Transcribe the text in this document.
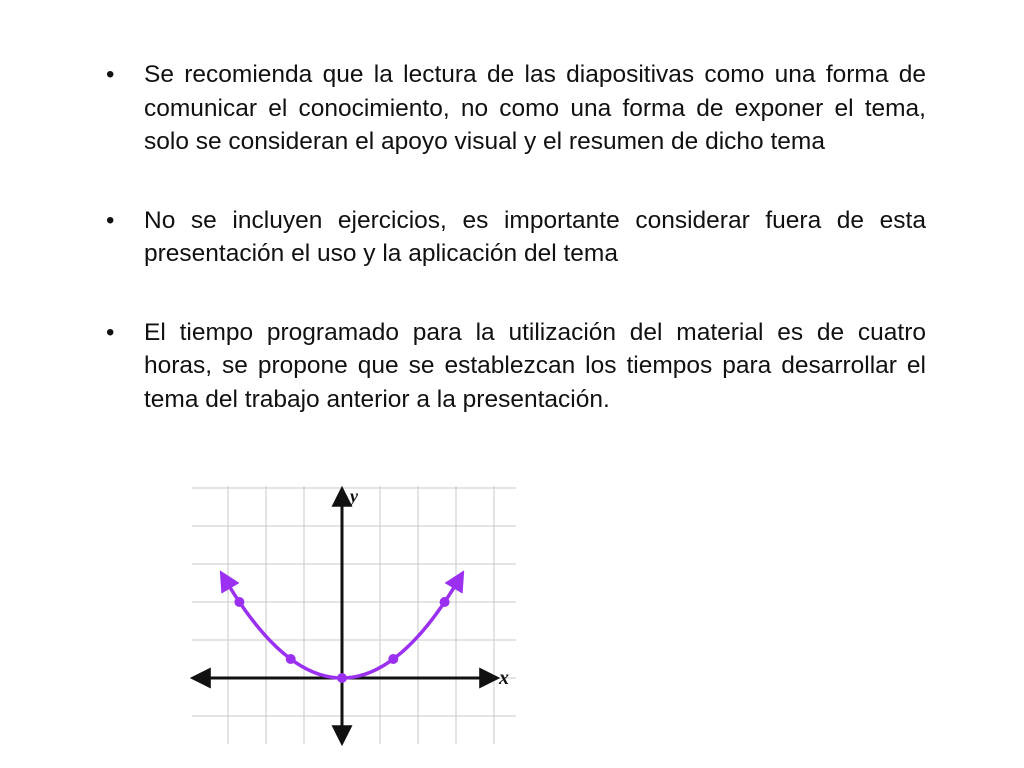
• Se recomienda que la lectura de las diapositivas como una forma de comunicar el conocimiento, no como una forma de exponer el tema, solo se consideran el apoyo visual y el resumen de dicho tema
• No se incluyen ejercicios, es importante considerar fuera de esta presentación el uso y la aplicación del tema
• El tiempo programado para la utilización del material es de cuatro horas, se propone que se establezcan los tiempos para desarrollar el tema del trabajo anterior a la presentación.
x
y
